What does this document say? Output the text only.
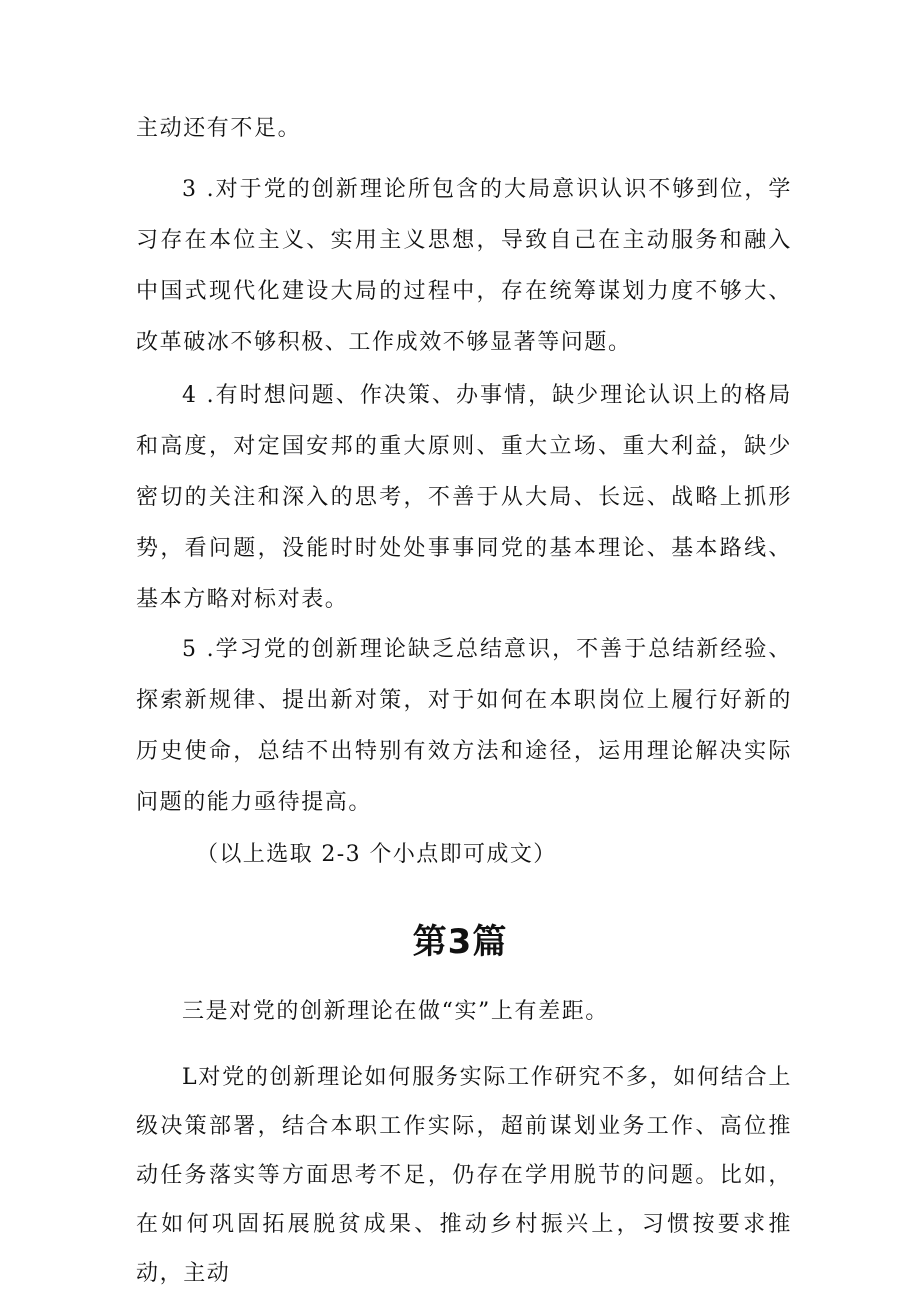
主动还有不足。
3 .对于党的创新理论所包含的大局意识认识不够到位，学习存在本位主义、实用主义思想，导致自己在主动服务和融入中国式现代化建设大局的过程中，存在统筹谋划力度不够大、改革破冰不够积极、工作成效不够显著等问题。
4 .有时想问题、作决策、办事情，缺少理论认识上的格局和高度，对定国安邦的重大原则、重大立场、重大利益，缺少密切的关注和深入的思考，不善于从大局、长远、战略上抓形势，看问题，没能时时处处事事同党的基本理论、基本路线、基本方略对标对表。
5 .学习党的创新理论缺乏总结意识，不善于总结新经验、探索新规律、提出新对策，对于如何在本职岗位上履行好新的历史使命，总结不出特别有效方法和途径，运用理论解决实际问题的能力亟待提高。
（以上选取 2-3 个小点即可成文）
第3篇
三是对党的创新理论在做“实”上有差距。
L对党的创新理论如何服务实际工作研究不多，如何结合上级决策部署，结合本职工作实际，超前谋划业务工作、高位推动任务落实等方面思考不足，仍存在学用脱节的问题。比如，在如何巩固拓展脱贫成果、推动乡村振兴上，习惯按要求推动，主动
